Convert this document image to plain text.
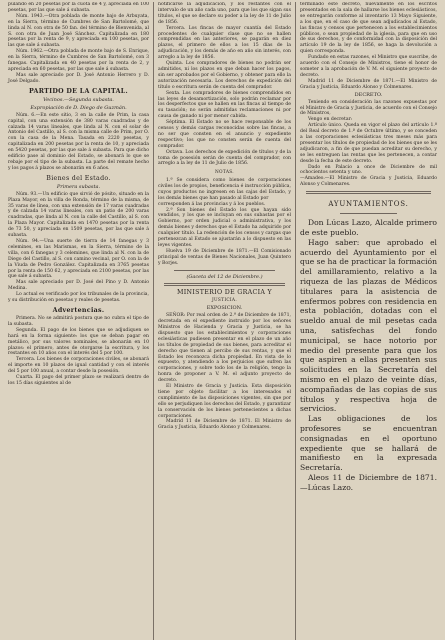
pulando en 20 pesetas por la cuota de 4 y, apreciada en 100 pesetas, por las que sale á subasta.

Núm. 1943.—Otra poblada de monte bajo de Arbuyata, en la Sierra, término de Cumbres de San Bartolomé, que linda al N. con otra de 50 fan. del término de Bienvenida, al S. con otra de Juan José Sánchez. Capitalizada en 180 pesetas por la renta de 9, y apreciada en 100 pesetas, por las que sale á subasta.

Núm. 1962.—Otra poblada de monte bajo de S. Enrique, en la Sierra, término de Cumbres de San Bartolomé, con 3 fanegas. Capitalizada en 40 pesetas por la renta de 2, y apreciada en 60 pesetas, por las que sale á subasta.

Mas sale apreciado por D. José Antonio Herrero y D. José Delgado.

PARTIDO DE LA CAPITAL.
Vecinos.—Segunda subasta.
Expropiación de D. Diego de Guzmán.

Núm. 6.—En este sitio, 3 en la calle de Prim, la casa capital, con una extensión de 380 varas cuadradas y de calzada 14 varas lineales, que linda al N. con el solar de Antonio del Castillo, al S. con la misma calle de Prim, por O. con la casa de la Mena. Tasada en 2220 pesetas, y capitalizada en 200 pesetas por la renta de 10, y apreciada en 5420 pesetas, por las que sale á subasta. Para que dicho edificio pase al dominio del Estado, se abonará lo que se rebaje por el tipo de la subasta. La parte del remate hecho y los pagos á plazos se abonarán en 6 años.

Bienes del Estado.
Primera subasta.

Núm. 93.—Un edificio que sirvió de pósito, situado en la Plaza Mayor, en la villa de Ronda, término de la misma, de 35 varas de línea, con una extensión de 17 varas cuadradas y de calzada 14 varas lineales, con un patio de 200 varas cuadradas, que linda al N. con la calle del Castillo, al S. con la Plaza Mayor. Capitalizada en 1470 pesetas por la renta de 73 50, y apreciada en 1509 pesetas, por las que sale á subasta.

Núm. 94.—Una suerte de tierra de 14 fanegas y 3 celemines, en las Marismas, en la Sierra, término de la villa, con 6 fanegas y 3 celemines, que linda al N. con la de Diego del Castillo, al S. con camino vecinal, por O. con la de la Viuda de Pedro González. Capitalizada en 3765 pesetas por la renta de 150 62, y apreciada en 2100 pesetas, por las que sale á subasta.

Mas sale apreciado por D. José del Pino y D. Antonio Medina.

Lo actual es verificado por los tribunales de la provincia, y su distribución en pesetas y reales de pesetas.

Advertencias.

Primera. No se admitirá postura que no cubra el tipo de la subasta.

Segunda. El pago de los bienes que se adjudiquen se hará en la forma siguiente: los que se deban pagar en metálico, por sus valores nominales, se abonarán en 10 plazos: el primero, antes de otorgarse la escritura, y los restantes en 10 años con el interés del 5 por 100.

Tercera. Los bienes de corporaciones civiles, se abonará el importe en 10 plazos de igual cantidad y con el interés del 5 por 100 anual, a contar desde la posesión.

Cuarta. El pago del primer plazo se realizará dentro de los 15 días siguientes al de

notificarse la adjudicación, y los restantes con el intervalo de un año cada uno, para que los que sigan sus títulos, el que se declare su poder a la ley de 11 de Julio de 1856.

Tercera. Los fincas de mayor cuantía del Estado procedentes de cualquier clase que no se hallen comprendidas en las anteriores, se pagarán en diez plazos, el primero de ellos a los 15 días de la adjudicación, y los demás de año en año sin interés, con arreglo a la ley de 1856.

Quinta. Los compradores de bienes no podrán ser admitidos, ni los plazos en que deban hacer los pagos, sin ser aprobados por el Gobierno, y obtener para ello la autorización necesaria. Los derechos de expedición del título o escritura serán de cuenta del comprador.

Sexta. Los compradores de bienes comprendidos en las leyes de desamortización, solo podrán reclamar por los desperfectos que se hallen en las fincas al tiempo de su tasación; no serán admitidas reclamaciones ni por causa de ganado ni por menor cabida.

Séptima. El Estado no se hace responsable de los censos y demás cargas reconocidas sobre las fincas, a no ser que consten en el anuncio y expediente respectivo; los que no consten serán de cuenta del comprador.

Octava. Los derechos de expedición de títulos y de la toma de posesión serán de cuenta del comprador, con arreglo a la ley de 11 de Julio de 1856.

NOTAS.

1.ª Se considera como bienes de corporaciones civiles los de propios, beneficencia é instrucción pública, cuyos productos no ingresen en las cajas del Estado, y los demás bienes que han pasado al Estado por

corresponden á las provincias y á los pueblos.

2.ª Son bienes del Estado los que hayan sido vendidos, y los que se incluyan en sus subastas por el Gobierno, por orden judicial o administrativa, y los demás bienes y derechos que el Estado ha adquirido por cualquier título. La redención de los censos y cargas que pertenezcan al Estado se ajustarán a lo dispuesto en las leyes vigentes.

Huelva 19 de Diciembre de 1871.—El Comisionado principal de ventas de Bienes Nacionales, Juan Quintero y Borjes.

(Gaceta del 12 de Diciembre.)
MINISTERIO DE GRACIA Y
JUSTICIA.
EXPOSICION.

SEÑOR: Por real orden de 2.ª de Diciembre de 1871, decretada en el expediente instruido por los señores Ministros de Hacienda y Gracia y Justicia, se ha dispuesto que los establecimientos y corporaciones eclesiásticas pudiesen presentar en el plazo de un año los títulos de propiedad de sus bienes, para acreditar el derecho que tienen al percibo de sus rentas, y que el Estado les reconozca dicha propiedad. En vista de lo expuesto, y atendiendo a los perjuicios que sufren las corporaciones, y sobre todo los de la religión, tengo la honra de proponer a V. M. el adjunto proyecto de decreto.

El Ministro de Gracia y Justicia. Esta disposición tiene por objeto facilitar a los interesados el cumplimiento de las disposiciones vigentes, sin que por ello se perjudiquen los derechos del Estado, y garantizar la conservación de los bienes pertenecientes a dichas corporaciones.

Madrid 11 de Diciembre de 1871. El Ministro de Gracia y Justicia, Eduardo Alonso y Colmenares.

terminado este decreto, nuevamente en los escritos presentados en la sala de hallarse los bienes eclesiásticos, se entregarán conforme al inventario 13 Mayo Siguiente, a los que, en el caso de que sean adjudicados al Estado, las fincas y censos que pertenecen a los establecimientos públicos, o sean propiedad de la iglesia, para que en uso de sus derechos, y de conformidad con la disposición del artículo 19 de la ley de 1856, se haga la devolución a quien corresponda.

Fundado en estas razones, el Ministro que suscribe, de acuerdo con el Consejo de Ministros, tiene el honor de someter a la aprobación de V. M. el siguiente proyecto de decreto.

Madrid 11 de Diciembre de 1871.—El Ministro de Gracia y Justicia, Eduardo Alonso y Colmenares.

DECRETO.

Teniendo en consideración las razones expuestas por el Ministro de Gracia y Justicia, de acuerdo con el Consejo de Ministros,

Vengo en decretar:

Artículo único. Queda en vigor el plazo del artículo 1.º del Real decreto de 1.º de Octubre último, y se conceden a las corporaciones eclesiásticas tres meses más para presentar los títulos de propiedad de los bienes que se les adjudicaron, a fin de que puedan acreditar su derecho, y se les entreguen las rentas que les pertenecen, a contar desde la fecha de este decreto.

Dado en Palacio a once de Diciembre de mil ochocientos setenta y uno.

—Amadeo.—El Ministro de Gracia y Justicia, Eduardo Alonso y Colmenares.

AYUNTAMIENTOS.

Don Lúcas Lazo, Alcalde primero de este pueblo.

Hago saber: que aprobado el acuerdo del Ayuntamiento por el que se ha de practicar la formación del amillaramiento, relativo a la riqueza de las plazas de Médicos titulares para la asistencia de enfermos pobres con residencia en esta población, dotadas con el sueldo anual de mil pesetas cada una, satisfechas del fondo municipal, se hace notorio por medio del presente para que los que aspiren a ellas presenten sus solicitudes en la Secretaría del mismo en el plazo de veinte días, acompañadas de las copias de sus títulos y respectiva hoja de servicios.

Las obligaciones de los profesores se encuentran consignadas en el oportuno expediente que se hallará de manifiesto en la expresada Secretaría.

Aleos 11 de Diciembre de 1871.—Lúcas Lazo.
